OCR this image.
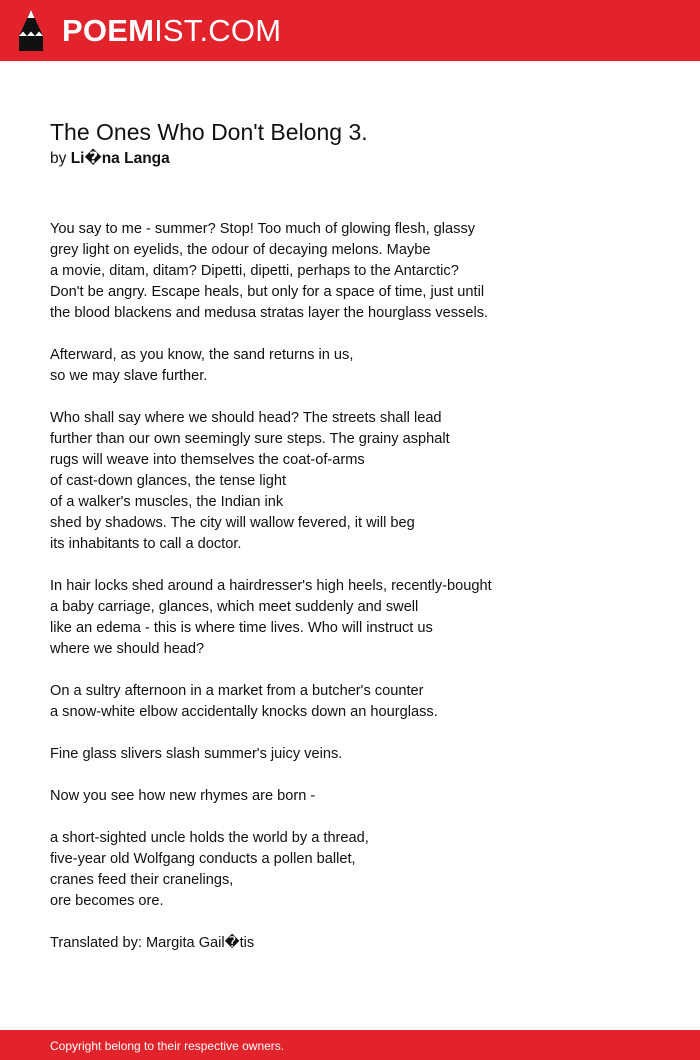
POEMIST.COM
The Ones Who Don't Belong 3.
by Li�na Langa
You say to me - summer? Stop! Too much of glowing flesh, glassy
grey light on eyelids, the odour of decaying melons. Maybe
a movie, ditam, ditam? Dipetti, dipetti, perhaps to the Antarctic?
Don't be angry. Escape heals, but only for a space of time, just until
the blood blackens and medusa stratas layer the hourglass vessels.
Afterward, as you know, the sand returns in us,
so we may slave further.
Who shall say where we should head? The streets shall lead
further than our own seemingly sure steps. The grainy asphalt
rugs will weave into themselves the coat-of-arms
of cast-down glances, the tense light
of a walker's muscles, the Indian ink
shed by shadows. The city will wallow fevered, it will beg
its inhabitants to call a doctor.
In hair locks shed around a hairdresser's high heels, recently-bought
a baby carriage, glances, which meet suddenly and swell
like an edema - this is where time lives. Who will instruct us
where we should head?
On a sultry afternoon in a market from a butcher's counter
a snow-white elbow accidentally knocks down an hourglass.
Fine glass slivers slash summer's juicy veins.
Now you see how new rhymes are born -
a short-sighted uncle holds the world by a thread,
five-year old Wolfgang conducts a pollen ballet,
cranes feed their cranelings,
ore becomes ore.
Translated by: Margita Gail�tis
Copyright belong to their respective owners.
